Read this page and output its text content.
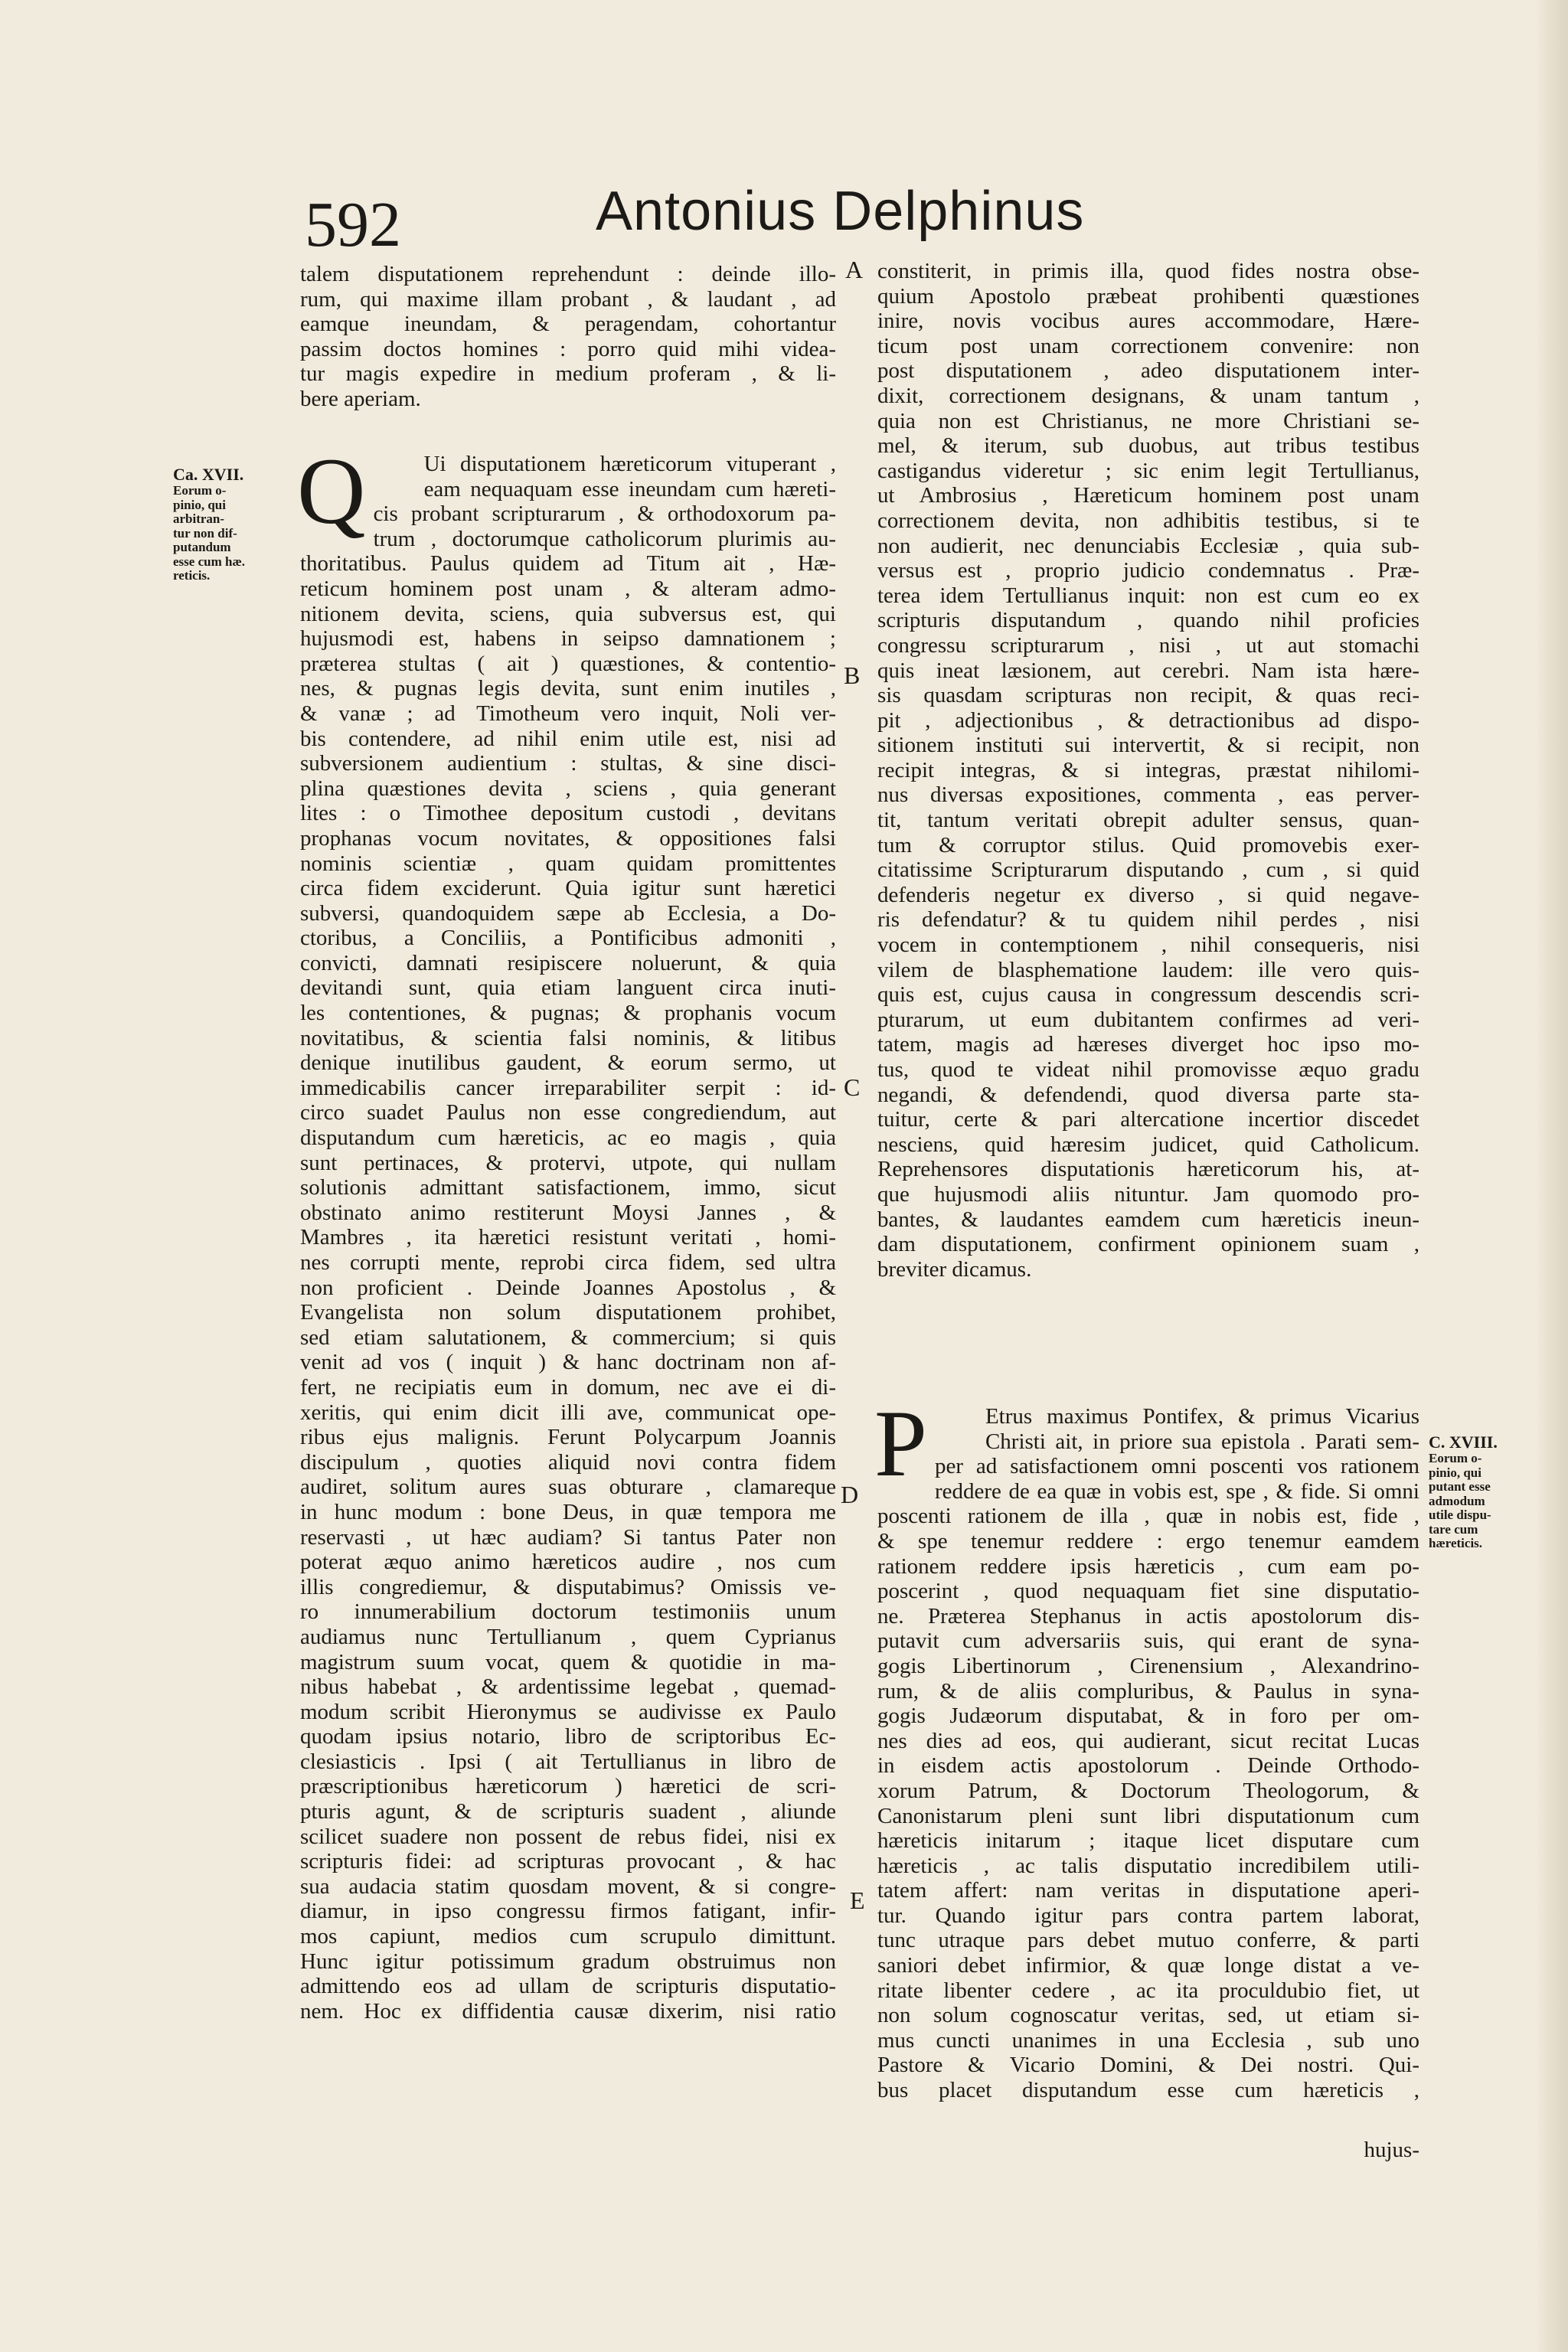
592	Antonius Delphinus
Ca. XVII.
Eorum o-
pinio, qui
arbitran-
tur non dif-
putandum
esse cum hæ.
reticis.
C. XVIII.
Eorum o-
pinio, qui
putant esse
admodum
utile dispu-
tare cum
hæreticis.
A
B
C
D
E
talem disputationem reprehendunt : deinde illo-
rum, qui maxime illam probant , & laudant , ad
eamque ineundam, & peragendam, cohortantur
passim doctos homines : porro quid mihi videa-
tur magis expedire in medium proferam , & li-
bere aperiam.
Q	Ui disputationem hæreticorum vituperant ,
eam nequaquam esse ineundam cum hæreti-
cis probant scripturarum , & orthodoxorum pa-
trum , doctorumque catholicorum plurimis au-
thoritatibus. Paulus quidem ad Titum ait , Hæ-
reticum hominem post unam , & alteram admo-
nitionem devita, sciens, quia subversus est, qui
hujusmodi est, habens in seipso damnationem ;
præterea stultas ( ait ) quæstiones, & contentio-
nes, & pugnas legis devita, sunt enim inutiles ,
& vanæ ; ad Timotheum vero inquit, Noli ver-
bis contendere, ad nihil enim utile est, nisi ad
subversionem audientium : stultas, & sine disci-
plina quæstiones devita , sciens , quia generant
lites : o Timothee depositum custodi , devitans
prophanas vocum novitates, & oppositiones falsi
nominis scientiæ , quam quidam promittentes
circa fidem exciderunt. Quia igitur sunt hæretici
subversi, quandoquidem sæpe ab Ecclesia, a Do-
ctoribus, a Conciliis, a Pontificibus admoniti ,
convicti, damnati resipiscere noluerunt, & quia
devitandi sunt, quia etiam languent circa inuti-
les contentiones, & pugnas; & prophanis vocum
novitatibus, & scientia falsi nominis, & litibus
denique inutilibus gaudent, & eorum sermo, ut
immedicabilis cancer irreparabiliter serpit : id-
circo suadet Paulus non esse congrediendum, aut
disputandum cum hæreticis, ac eo magis , quia
sunt pertinaces, & protervi, utpote, qui nullam
solutionis admittant satisfactionem, immo, sicut
obstinato animo restiterunt Moysi Jannes , &
Mambres , ita hæretici resistunt veritati , homi-
nes corrupti mente, reprobi circa fidem, sed ultra
non proficient . Deinde Joannes Apostolus , &
Evangelista non solum disputationem prohibet,
sed etiam salutationem, & commercium; si quis
venit ad vos ( inquit ) & hanc doctrinam non af-
fert, ne recipiatis eum in domum, nec ave ei di-
xeritis, qui enim dicit illi ave, communicat ope-
ribus ejus malignis. Ferunt Polycarpum Joannis
discipulum , quoties aliquid novi contra fidem
audiret, solitum aures suas obturare , clamareque
in hunc modum : bone Deus, in quæ tempora me
reservasti , ut hæc audiam? Si tantus Pater non
poterat æquo animo hæreticos audire , nos cum
illis congrediemur, & disputabimus? Omissis ve-
ro innumerabilium doctorum testimoniis unum
audiamus nunc Tertullianum , quem Cyprianus
magistrum suum vocat, quem & quotidie in ma-
nibus habebat , & ardentissime legebat , quemad-
modum scribit Hieronymus se audivisse ex Paulo
quodam ipsius notario, libro de scriptoribus Ec-
clesiasticis . Ipsi ( ait Tertullianus in libro de
præscriptionibus hæreticorum ) hæretici de scri-
pturis agunt, & de scripturis suadent , aliunde
scilicet suadere non possent de rebus fidei, nisi ex
scripturis fidei: ad scripturas provocant , & hac
sua audacia statim quosdam movent, & si congre-
diamur, in ipso congressu firmos fatigant, infir-
mos capiunt, medios cum scrupulo dimittunt.
Hunc igitur potissimum gradum obstruimus non
admittendo eos ad ullam de scripturis disputatio-
nem. Hoc ex diffidentia causæ dixerim, nisi ratio
constiterit, in primis illa, quod fides nostra obse-
quium Apostolo præbeat prohibenti quæstiones
inire, novis vocibus aures accommodare, Hære-
ticum post unam correctionem convenire: non
post disputationem , adeo disputationem inter-
dixit, correctionem designans, & unam tantum ,
quia non est Christianus, ne more Christiani se-
mel, & iterum, sub duobus, aut tribus testibus
castigandus videretur ; sic enim legit Tertullianus,
ut Ambrosius , Hæreticum hominem post unam
correctionem devita, non adhibitis testibus, si te
non audierit, nec denunciabis Ecclesiæ , quia sub-
versus est , proprio judicio condemnatus . Præ-
terea idem Tertullianus inquit: non est cum eo ex
scripturis disputandum , quando nihil proficies
congressu scripturarum , nisi , ut aut stomachi
quis ineat læsionem, aut cerebri. Nam ista hære-
sis quasdam scripturas non recipit, & quas reci-
pit , adjectionibus , & detractionibus ad dispo-
sitionem instituti sui intervertit, & si recipit, non
recipit integras, & si integras, præstat nihilomi-
nus diversas expositiones, commenta , eas perver-
tit, tantum veritati obrepit adulter sensus, quan-
tum & corruptor stilus. Quid promovebis exer-
citatissime Scripturarum disputando , cum , si quid
defenderis negetur ex diverso , si quid negave-
ris defendatur? & tu quidem nihil perdes , nisi
vocem in contemptionem , nihil consequeris, nisi
vilem de blasphematione laudem: ille vero quis-
quis est, cujus causa in congressum descendis scri-
pturarum, ut eum dubitantem confirmes ad veri-
tatem, magis ad hæreses diverget hoc ipso mo-
tus, quod te videat nihil promovisse æquo gradu
negandi, & defendendi, quod diversa parte sta-
tuitur, certe & pari altercatione incertior discedet
nesciens, quid hæresim judicet, quid Catholicum.
Reprehensores disputationis hæreticorum his, at-
que hujusmodi aliis nituntur. Jam quomodo pro-
bantes, & laudantes eamdem cum hæreticis ineun-
dam disputationem, confirment opinionem suam ,
breviter dicamus.
P	Etrus maximus Pontifex, & primus Vicarius
Christi ait, in priore sua epistola . Parati sem-
per ad satisfactionem omni poscenti vos rationem
reddere de ea quæ in vobis est, spe , & fide. Si omni
poscenti rationem de illa , quæ in nobis est, fide ,
& spe tenemur reddere : ergo tenemur eamdem
rationem reddere ipsis hæreticis , cum eam po-
poscerint , quod nequaquam fiet sine disputatio-
ne. Præterea Stephanus in actis apostolorum dis-
putavit cum adversariis suis, qui erant de syna-
gogis Libertinorum , Cirenensium , Alexandrino-
rum, & de aliis compluribus, & Paulus in syna-
gogis Judæorum disputabat, & in foro per om-
nes dies ad eos, qui audierant, sicut recitat Lucas
in eisdem actis apostolorum . Deinde Orthodo-
xorum Patrum, & Doctorum Theologorum, &
Canonistarum pleni sunt libri disputationum cum
hæreticis initarum ; itaque licet disputare cum
hæreticis , ac talis disputatio incredibilem utili-
tatem affert: nam veritas in disputatione aperi-
tur. Quando igitur pars contra partem laborat,
tunc utraque pars debet mutuo conferre, & parti
saniori debet infirmior, & quæ longe distat a ve-
ritate libenter cedere , ac ita proculdubio fiet, ut
non solum cognoscatur veritas, sed, ut etiam si-
mus cuncti unanimes in una Ecclesia , sub uno
Pastore & Vicario Domini, & Dei nostri. Qui-
bus placet disputandum esse cum hæreticis ,
hujus-
